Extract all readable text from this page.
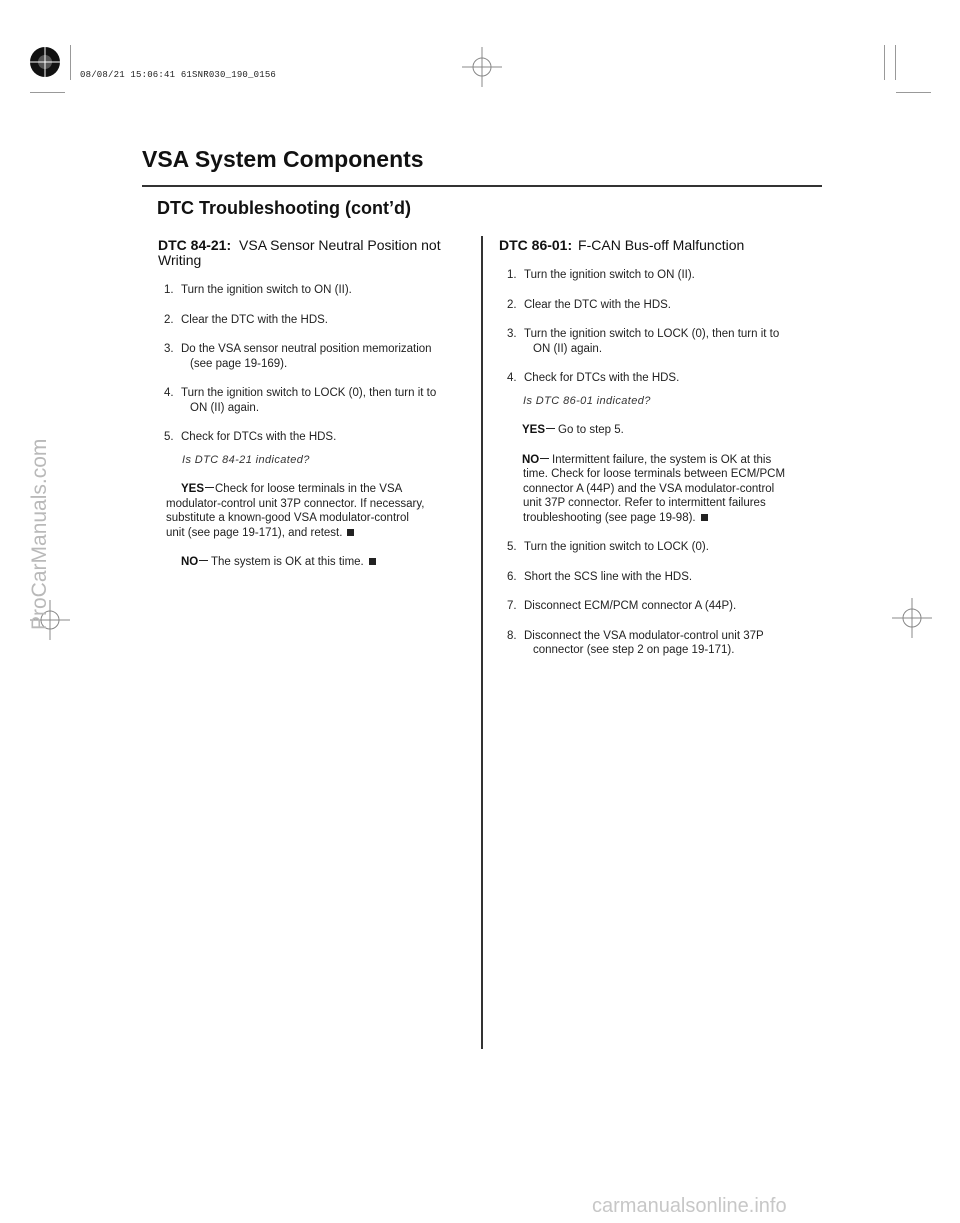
08/08/21 15:06:41 61SNR030_190_0156
VSA System Components
DTC Troubleshooting (cont’d)
DTC 84-21: VSA Sensor Neutral Position not
Writing
1. Turn the ignition switch to ON (II).
2. Clear the DTC with the HDS.
3. Do the VSA sensor neutral position memorization
(see page 19-169).
4. Turn the ignition switch to LOCK (0), then turn it to
ON (II) again.
5. Check for DTCs with the HDS.
Is DTC 84-21 indicated?
YES Check for loose terminals in the VSA
modulator-control unit 37P connector. If necessary,
substitute a known-good VSA modulator-control
unit (see page 19-171), and retest.
NO	The system is OK at this time.
DTC 86-01: F-CAN Bus-off Malfunction
1. Turn the ignition switch to ON (II).
2. Clear the DTC with the HDS.
3. Turn the ignition switch to LOCK (0), then turn it to
ON (II) again.
4. Check for DTCs with the HDS.
Is DTC 86-01 indicated?
YES	Go to step 5.
NO	Intermittent failure, the system is OK at this
time. Check for loose terminals between ECM/PCM
connector A (44P) and the VSA modulator-control
unit 37P connector. Refer to intermittent failures
troubleshooting (see page 19-98).
5. Turn the ignition switch to LOCK (0).
6. Short the SCS line with the HDS.
7. Disconnect ECM/PCM connector A (44P).
8. Disconnect the VSA modulator-control unit 37P
connector (see step 2 on page 19-171).
ProCarManuals.com
carmanualsonline.info
